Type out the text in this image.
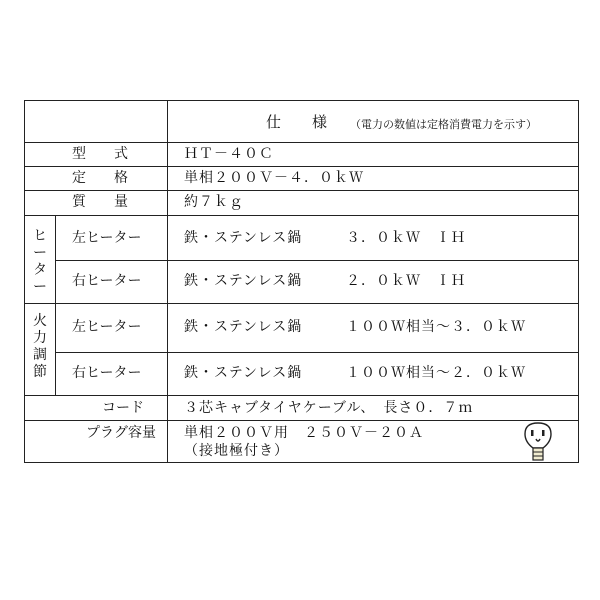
仕　様 （電力の数値は定格消費電力を示す）
型　　式	ＨＴ－４０Ｃ
定　　格	単相２００Ｖ－４．０ｋＷ
質　　量	約７ｋｇ
ヒーター
左ヒーター	鉄・ステンレス鍋	３．０ｋＷ　ＩＨ
右ヒーター	鉄・ステンレス鍋	２．０ｋＷ　ＩＨ
火力調節
左ヒーター	鉄・ステンレス鍋	１００Ｗ相当～３．０ｋＷ
右ヒーター	鉄・ステンレス鍋	１００Ｗ相当～２．０ｋＷ
コード	３芯キャブタイヤケーブル、　長さ０．７ｍ
プラグ容量 単相２００Ｖ用　２５０Ｖ－２０Ａ
（接地極付き）
